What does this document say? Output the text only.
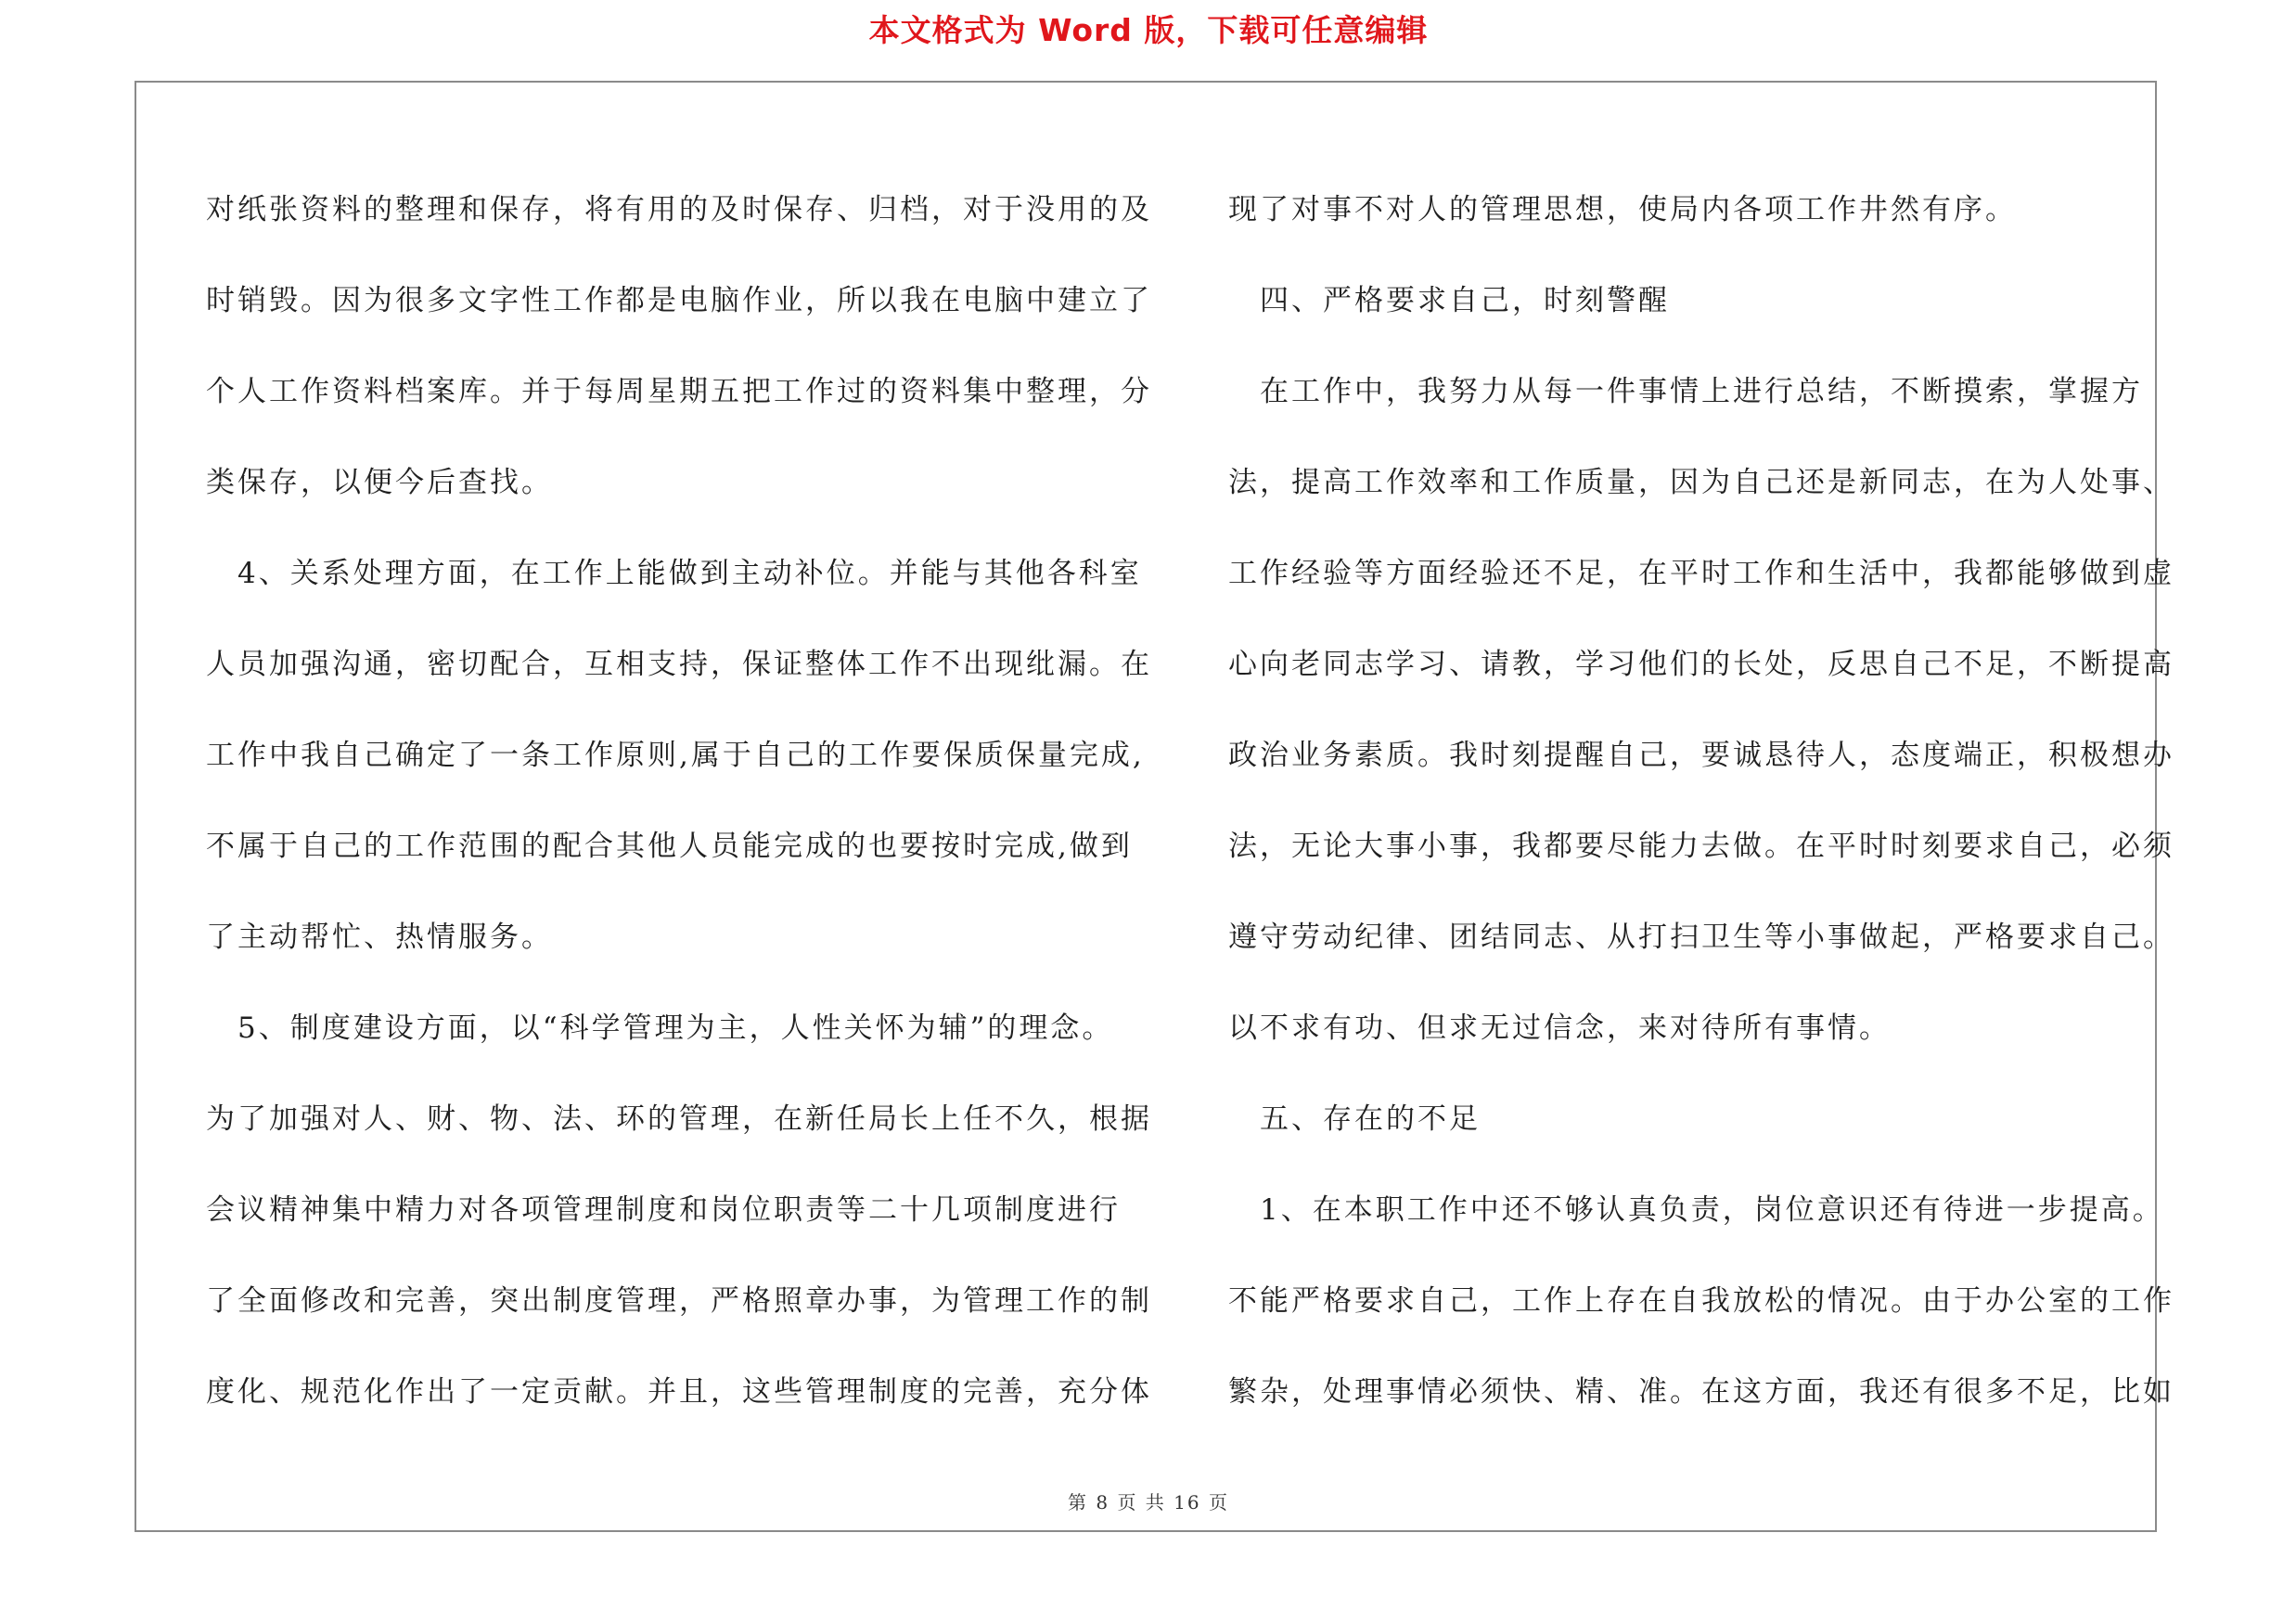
本文格式为 Word 版，下载可任意编辑
对纸张资料的整理和保存，将有用的及时保存、归档，对于没用的及
时销毁。因为很多文字性工作都是电脑作业，所以我在电脑中建立了
个人工作资料档案库。并于每周星期五把工作过的资料集中整理，分
类保存，以便今后查找。
　4、关系处理方面，在工作上能做到主动补位。并能与其他各科室
人员加强沟通，密切配合，互相支持，保证整体工作不出现纰漏。在
工作中我自己确定了一条工作原则,属于自己的工作要保质保量完成,
不属于自己的工作范围的配合其他人员能完成的也要按时完成,做到
了主动帮忙、热情服务。
　5、制度建设方面，以“科学管理为主，人性关怀为辅”的理念。
为了加强对人、财、物、法、环的管理，在新任局长上任不久，根据
会议精神集中精力对各项管理制度和岗位职责等二十几项制度进行
了全面修改和完善，突出制度管理，严格照章办事，为管理工作的制
度化、规范化作出了一定贡献。并且，这些管理制度的完善，充分体
现了对事不对人的管理思想，使局内各项工作井然有序。
　四、严格要求自己，时刻警醒
　在工作中，我努力从每一件事情上进行总结，不断摸索，掌握方
法，提高工作效率和工作质量，因为自己还是新同志，在为人处事、
工作经验等方面经验还不足，在平时工作和生活中，我都能够做到虚
心向老同志学习、请教，学习他们的长处，反思自己不足，不断提高
政治业务素质。我时刻提醒自己，要诚恳待人，态度端正，积极想办
法，无论大事小事，我都要尽能力去做。在平时时刻要求自己，必须
遵守劳动纪律、团结同志、从打扫卫生等小事做起，严格要求自己。
以不求有功、但求无过信念，来对待所有事情。
　五、存在的不足
　1、在本职工作中还不够认真负责，岗位意识还有待进一步提高。
不能严格要求自己，工作上存在自我放松的情况。由于办公室的工作
繁杂，处理事情必须快、精、准。在这方面，我还有很多不足，比如
第 8 页 共 16 页
